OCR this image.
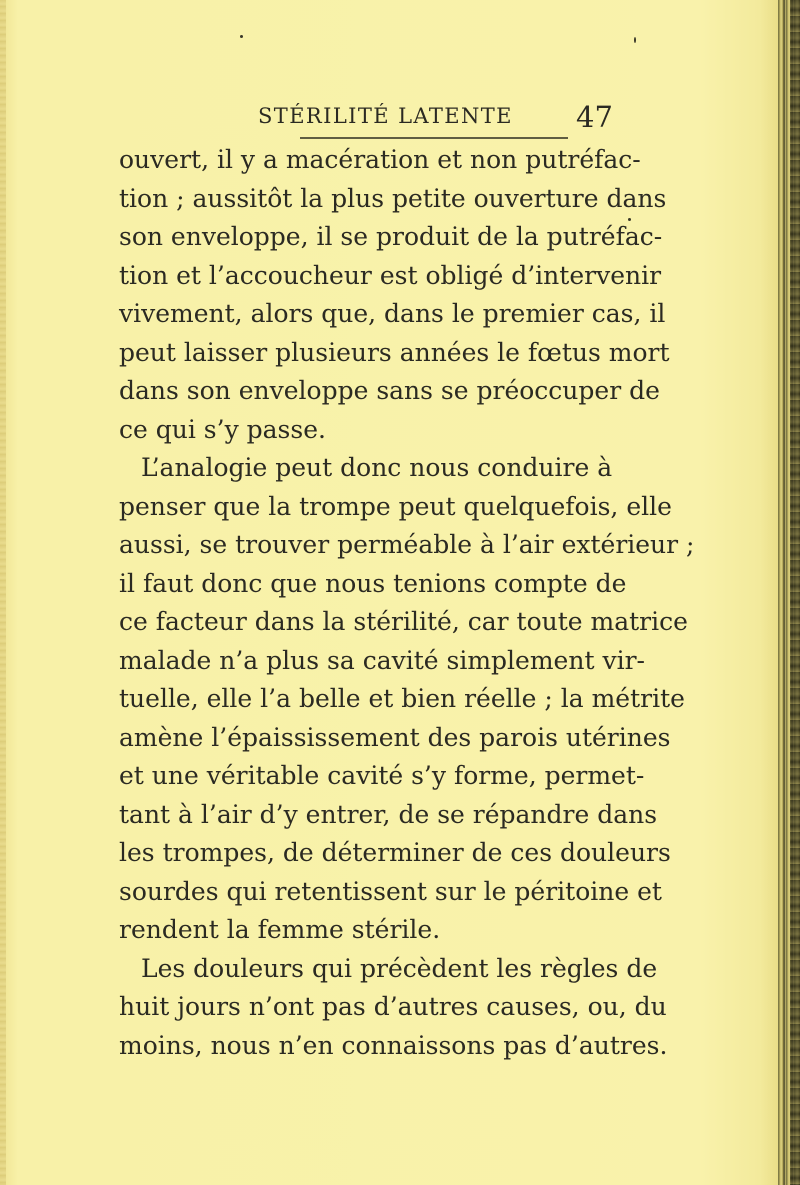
STÉRILITÉ LATENTE 47
ouvert, il y a macération et non putréfac-
tion ; aussitôt la plus petite ouverture dans
son enveloppe, il se produit de la putréfac-
tion et l’accoucheur est obligé d’intervenir
vivement, alors que, dans le premier cas, il
peut laisser plusieurs années le fœtus mort
dans son enveloppe sans se préoccuper de
ce qui s’y passe.
L’analogie peut donc nous conduire à
penser que la trompe peut quelquefois, elle
aussi, se trouver perméable à l’air extérieur ;
il faut donc que nous tenions compte de
ce facteur dans la stérilité, car toute matrice
malade n’a plus sa cavité simplement vir-
tuelle, elle l’a belle et bien réelle ; la métrite
amène l’épaississement des parois utérines
et une véritable cavité s’y forme, permet-
tant à l’air d’y entrer, de se répandre dans
les trompes, de déterminer de ces douleurs
sourdes qui retentissent sur le péritoine et
rendent la femme stérile.
Les douleurs qui précèdent les règles de
huit jours n’ont pas d’autres causes, ou, du
moins, nous n’en connaissons pas d’autres.
